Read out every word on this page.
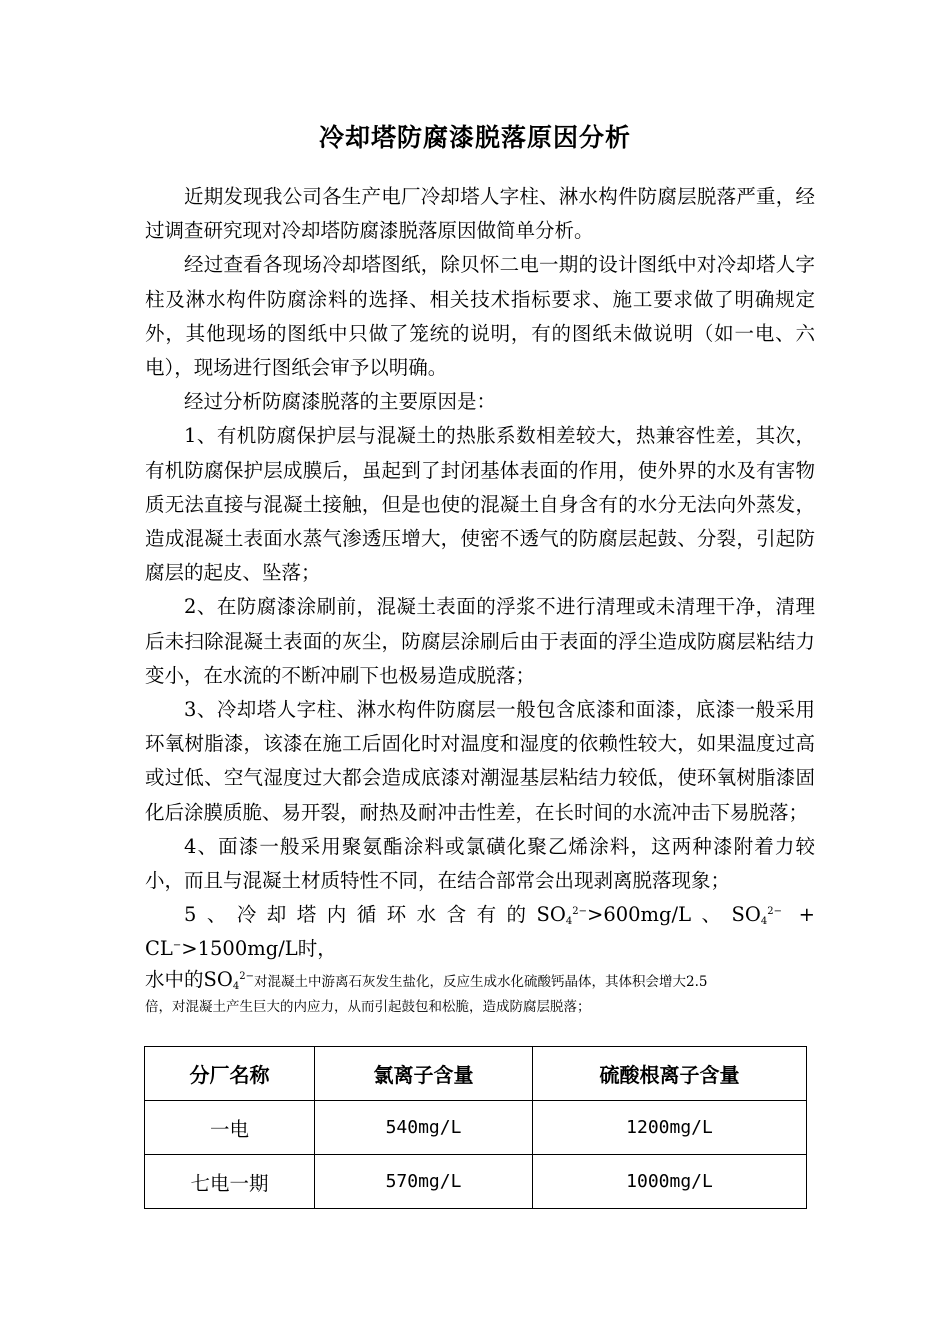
冷却塔防腐漆脱落原因分析

近期发现我公司各生产电厂冷却塔人字柱、淋水构件防腐层脱落严重，经过调查研究现对冷却塔防腐漆脱落原因做简单分析。

经过查看各现场冷却塔图纸，除贝怀二电一期的设计图纸中对冷却塔人字柱及淋水构件防腐涂料的选择、相关技术指标要求、施工要求做了明确规定外，其他现场的图纸中只做了笼统的说明，有的图纸未做说明（如一电、六电），现场进行图纸会审予以明确。

经过分析防腐漆脱落的主要原因是：

1、有机防腐保护层与混凝土的热胀系数相差较大，热兼容性差，其次，有机防腐保护层成膜后，虽起到了封闭基体表面的作用，使外界的水及有害物质无法直接与混凝土接触，但是也使的混凝土自身含有的水分无法向外蒸发，造成混凝土表面水蒸气渗透压增大，使密不透气的防腐层起鼓、分裂，引起防腐层的起皮、坠落；

2、在防腐漆涂刷前，混凝土表面的浮浆不进行清理或未清理干净，清理后未扫除混凝土表面的灰尘，防腐层涂刷后由于表面的浮尘造成防腐层粘结力变小，在水流的不断冲刷下也极易造成脱落；

3、冷却塔人字柱、淋水构件防腐层一般包含底漆和面漆，底漆一般采用环氧树脂漆，该漆在施工后固化时对温度和湿度的依赖性较大，如果温度过高或过低、空气湿度过大都会造成底漆对潮湿基层粘结力较低，使环氧树脂漆固化后涂膜质脆、易开裂，耐热及耐冲击性差，在长时间的水流冲击下易脱落；

4、面漆一般采用聚氨酯涂料或氯磺化聚乙烯涂料，这两种漆附着力较小，而且与混凝土材质特性不同，在结合部常会出现剥离脱落现象；

5、冷却塔内循环水含有的$SO_4^{2-}>600mg/L$、$SO_4^{2-} + CL^->1500mg/L$时，

水中的$SO_4^{2-}$对混凝土中游离石灰发生盐化，反应生成水化硫酸钙晶体，其体积会增大2.5

倍，对混凝土产生巨大的内应力，从而引起鼓包和松脆，造成防腐层脱落；

分厂名称	氯离子含量	硫酸根离子含量
一电	540mg/L	1200mg/L
七电一期	570mg/L	1000mg/L
